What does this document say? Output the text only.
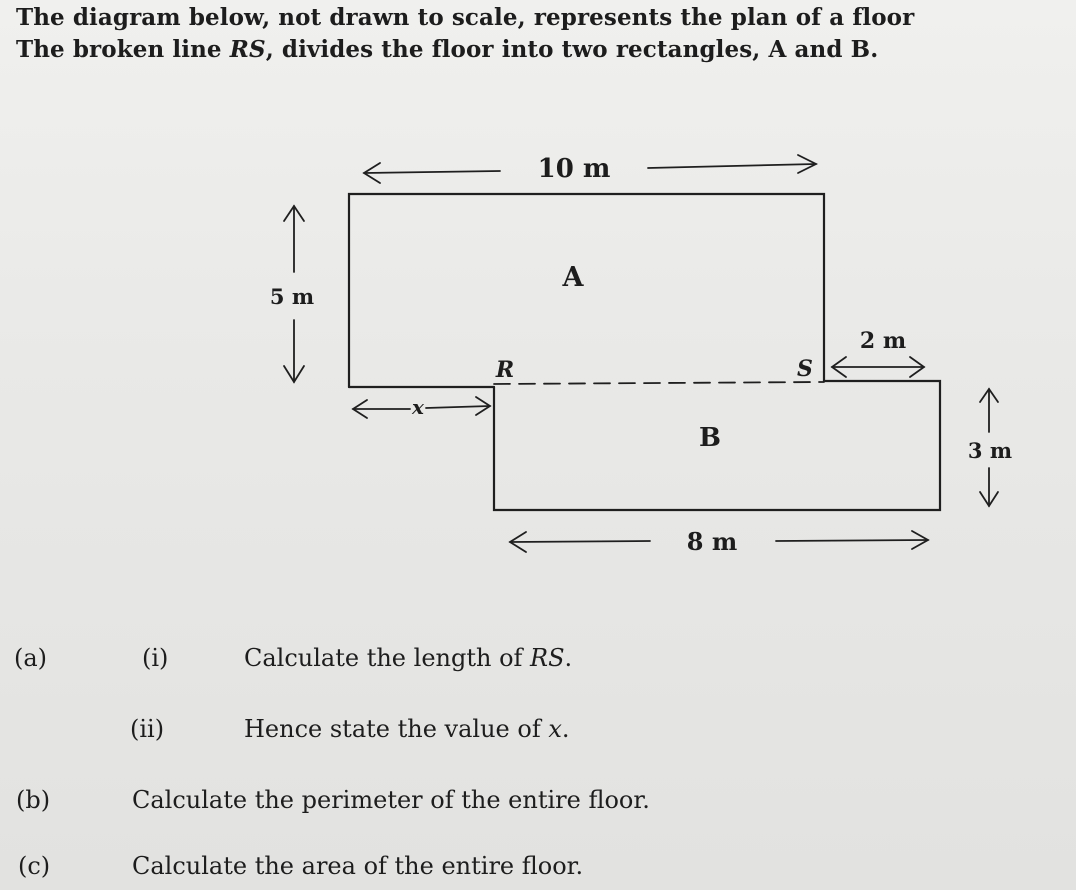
The diagram below, not drawn to scale, represents the plan of a floor
The broken line RS, divides the floor into two rectangles, A and B.
10 m
5 m
A
B
R	S
2 m
3 m
8 m
x
(a)	(i)	Calculate the length of RS.
(ii)	Hence state the value of x.
(b)	Calculate the perimeter of the entire floor.
(c)	Calculate the area of the entire floor.
